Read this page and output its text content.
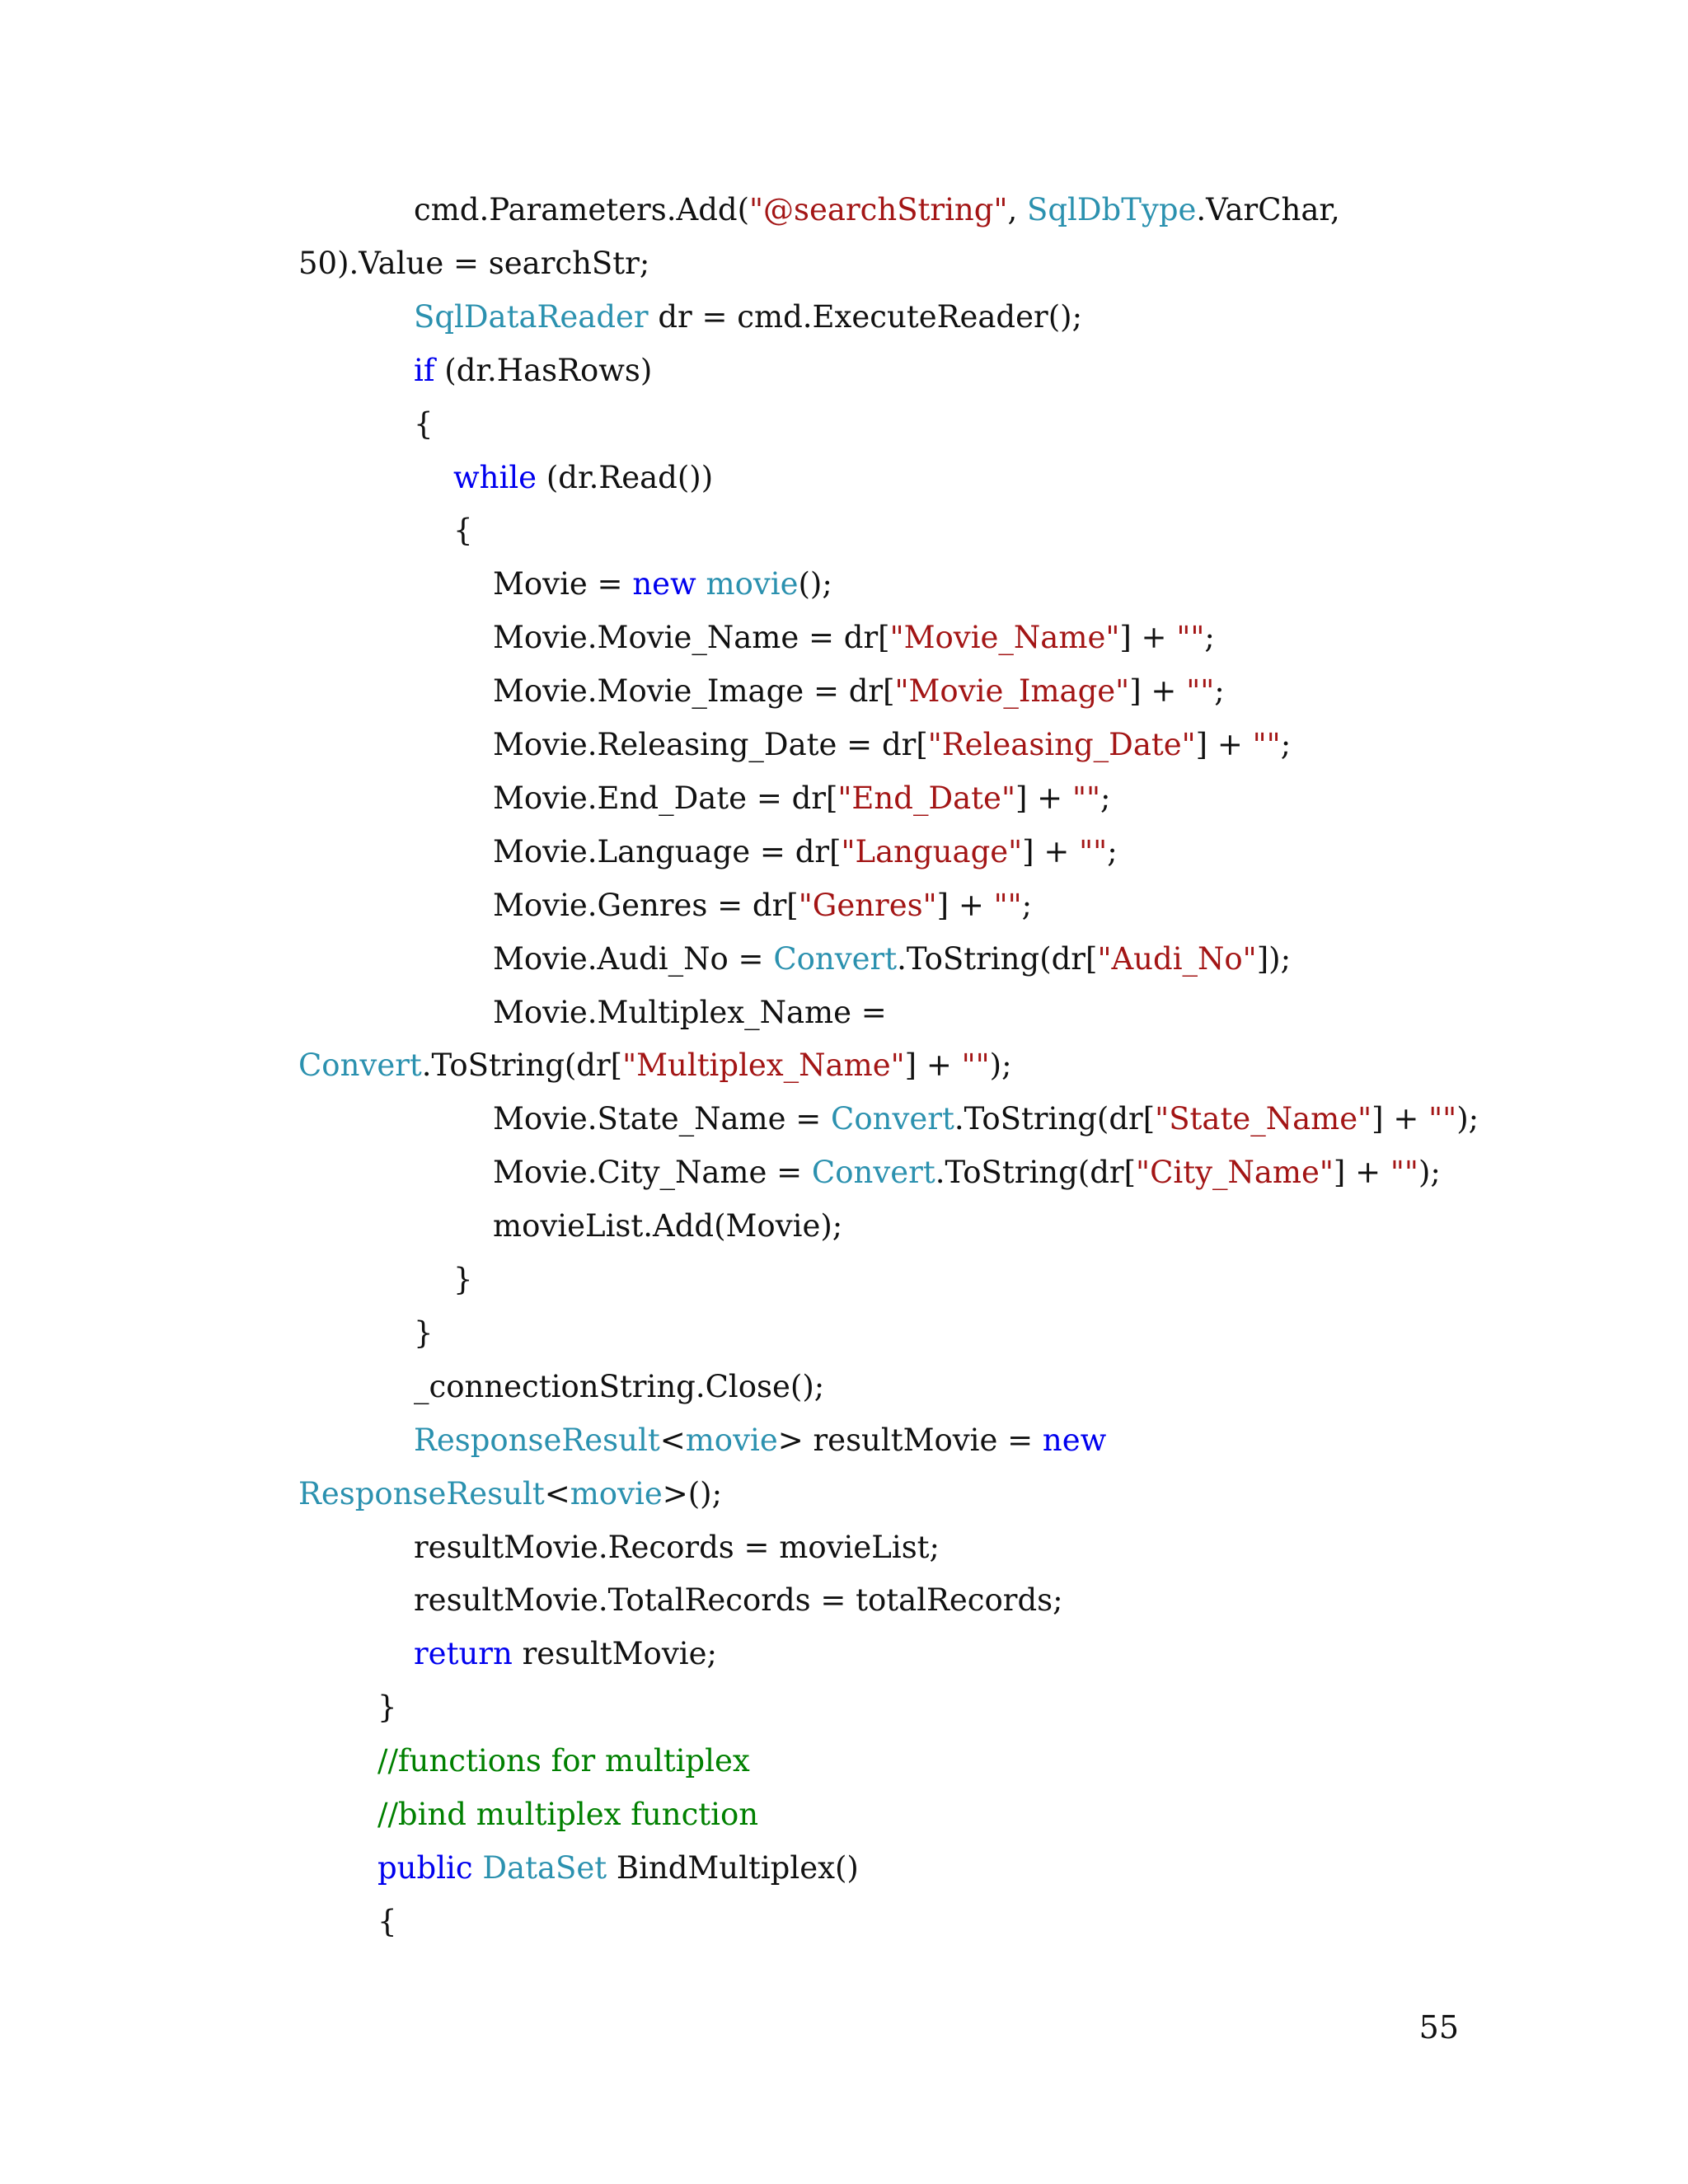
cmd.Parameters.Add("@searchString", SqlDbType.VarChar,
50).Value = searchStr;
SqlDataReader dr = cmd.ExecuteReader();
if (dr.HasRows)
{
while (dr.Read())
{
Movie = new movie();
Movie.Movie_Name = dr["Movie_Name"] + "";
Movie.Movie_Image = dr["Movie_Image"] + "";
Movie.Releasing_Date = dr["Releasing_Date"] + "";
Movie.End_Date = dr["End_Date"] + "";
Movie.Language = dr["Language"] + "";
Movie.Genres = dr["Genres"] + "";
Movie.Audi_No = Convert.ToString(dr["Audi_No"]);
Movie.Multiplex_Name =
Convert.ToString(dr["Multiplex_Name"] + "");
Movie.State_Name = Convert.ToString(dr["State_Name"] + "");
Movie.City_Name = Convert.ToString(dr["City_Name"] + "");
movieList.Add(Movie);
}
}
_connectionString.Close();
ResponseResult<movie> resultMovie = new
ResponseResult<movie>();
resultMovie.Records = movieList;
resultMovie.TotalRecords = totalRecords;
return resultMovie;
}
//functions for multiplex
//bind multiplex function
public DataSet BindMultiplex()
{
55
